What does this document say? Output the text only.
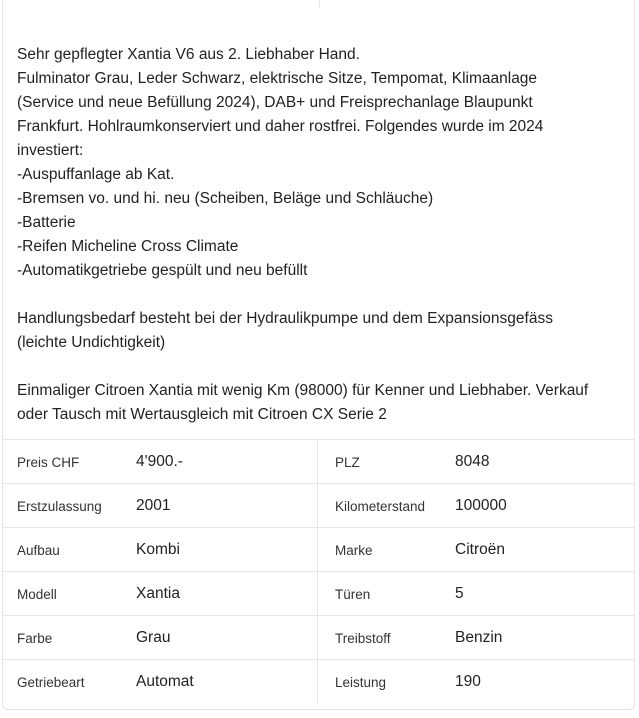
Sehr gepflegter Xantia V6 aus 2. Liebhaber Hand.
Fulminator Grau, Leder Schwarz, elektrische Sitze, Tempomat, Klimaanlage
(Service und neue Befüllung 2024), DAB+ und Freisprechanlage Blaupunkt
Frankfurt. Hohlraumkonserviert und daher rostfrei. Folgendes wurde im 2024
investiert:
-Auspuffanlage ab Kat.
-Bremsen vo. und hi. neu (Scheiben, Beläge und Schläuche)
-Batterie
-Reifen Micheline Cross Climate
-Automatikgetriebe gespült und neu befüllt
Handlungsbedarf besteht bei der Hydraulikpumpe und dem Expansionsgefäss
(leichte Undichtigkeit)
Einmaliger Citroen Xantia mit wenig Km (98000) für Kenner und Liebhaber. Verkauf
oder Tausch mit Wertausgleich mit Citroen CX Serie 2
Preis CHF	4'900.-	PLZ	8048
Erstzulassung 2001	Kilometerstand 100000
Aufbau	Kombi	Marke	Citroën
Modell	Xantia	Türen	5
Farbe	Grau	Treibstoff	Benzin
Getriebeart	Automat	Leistung	190
